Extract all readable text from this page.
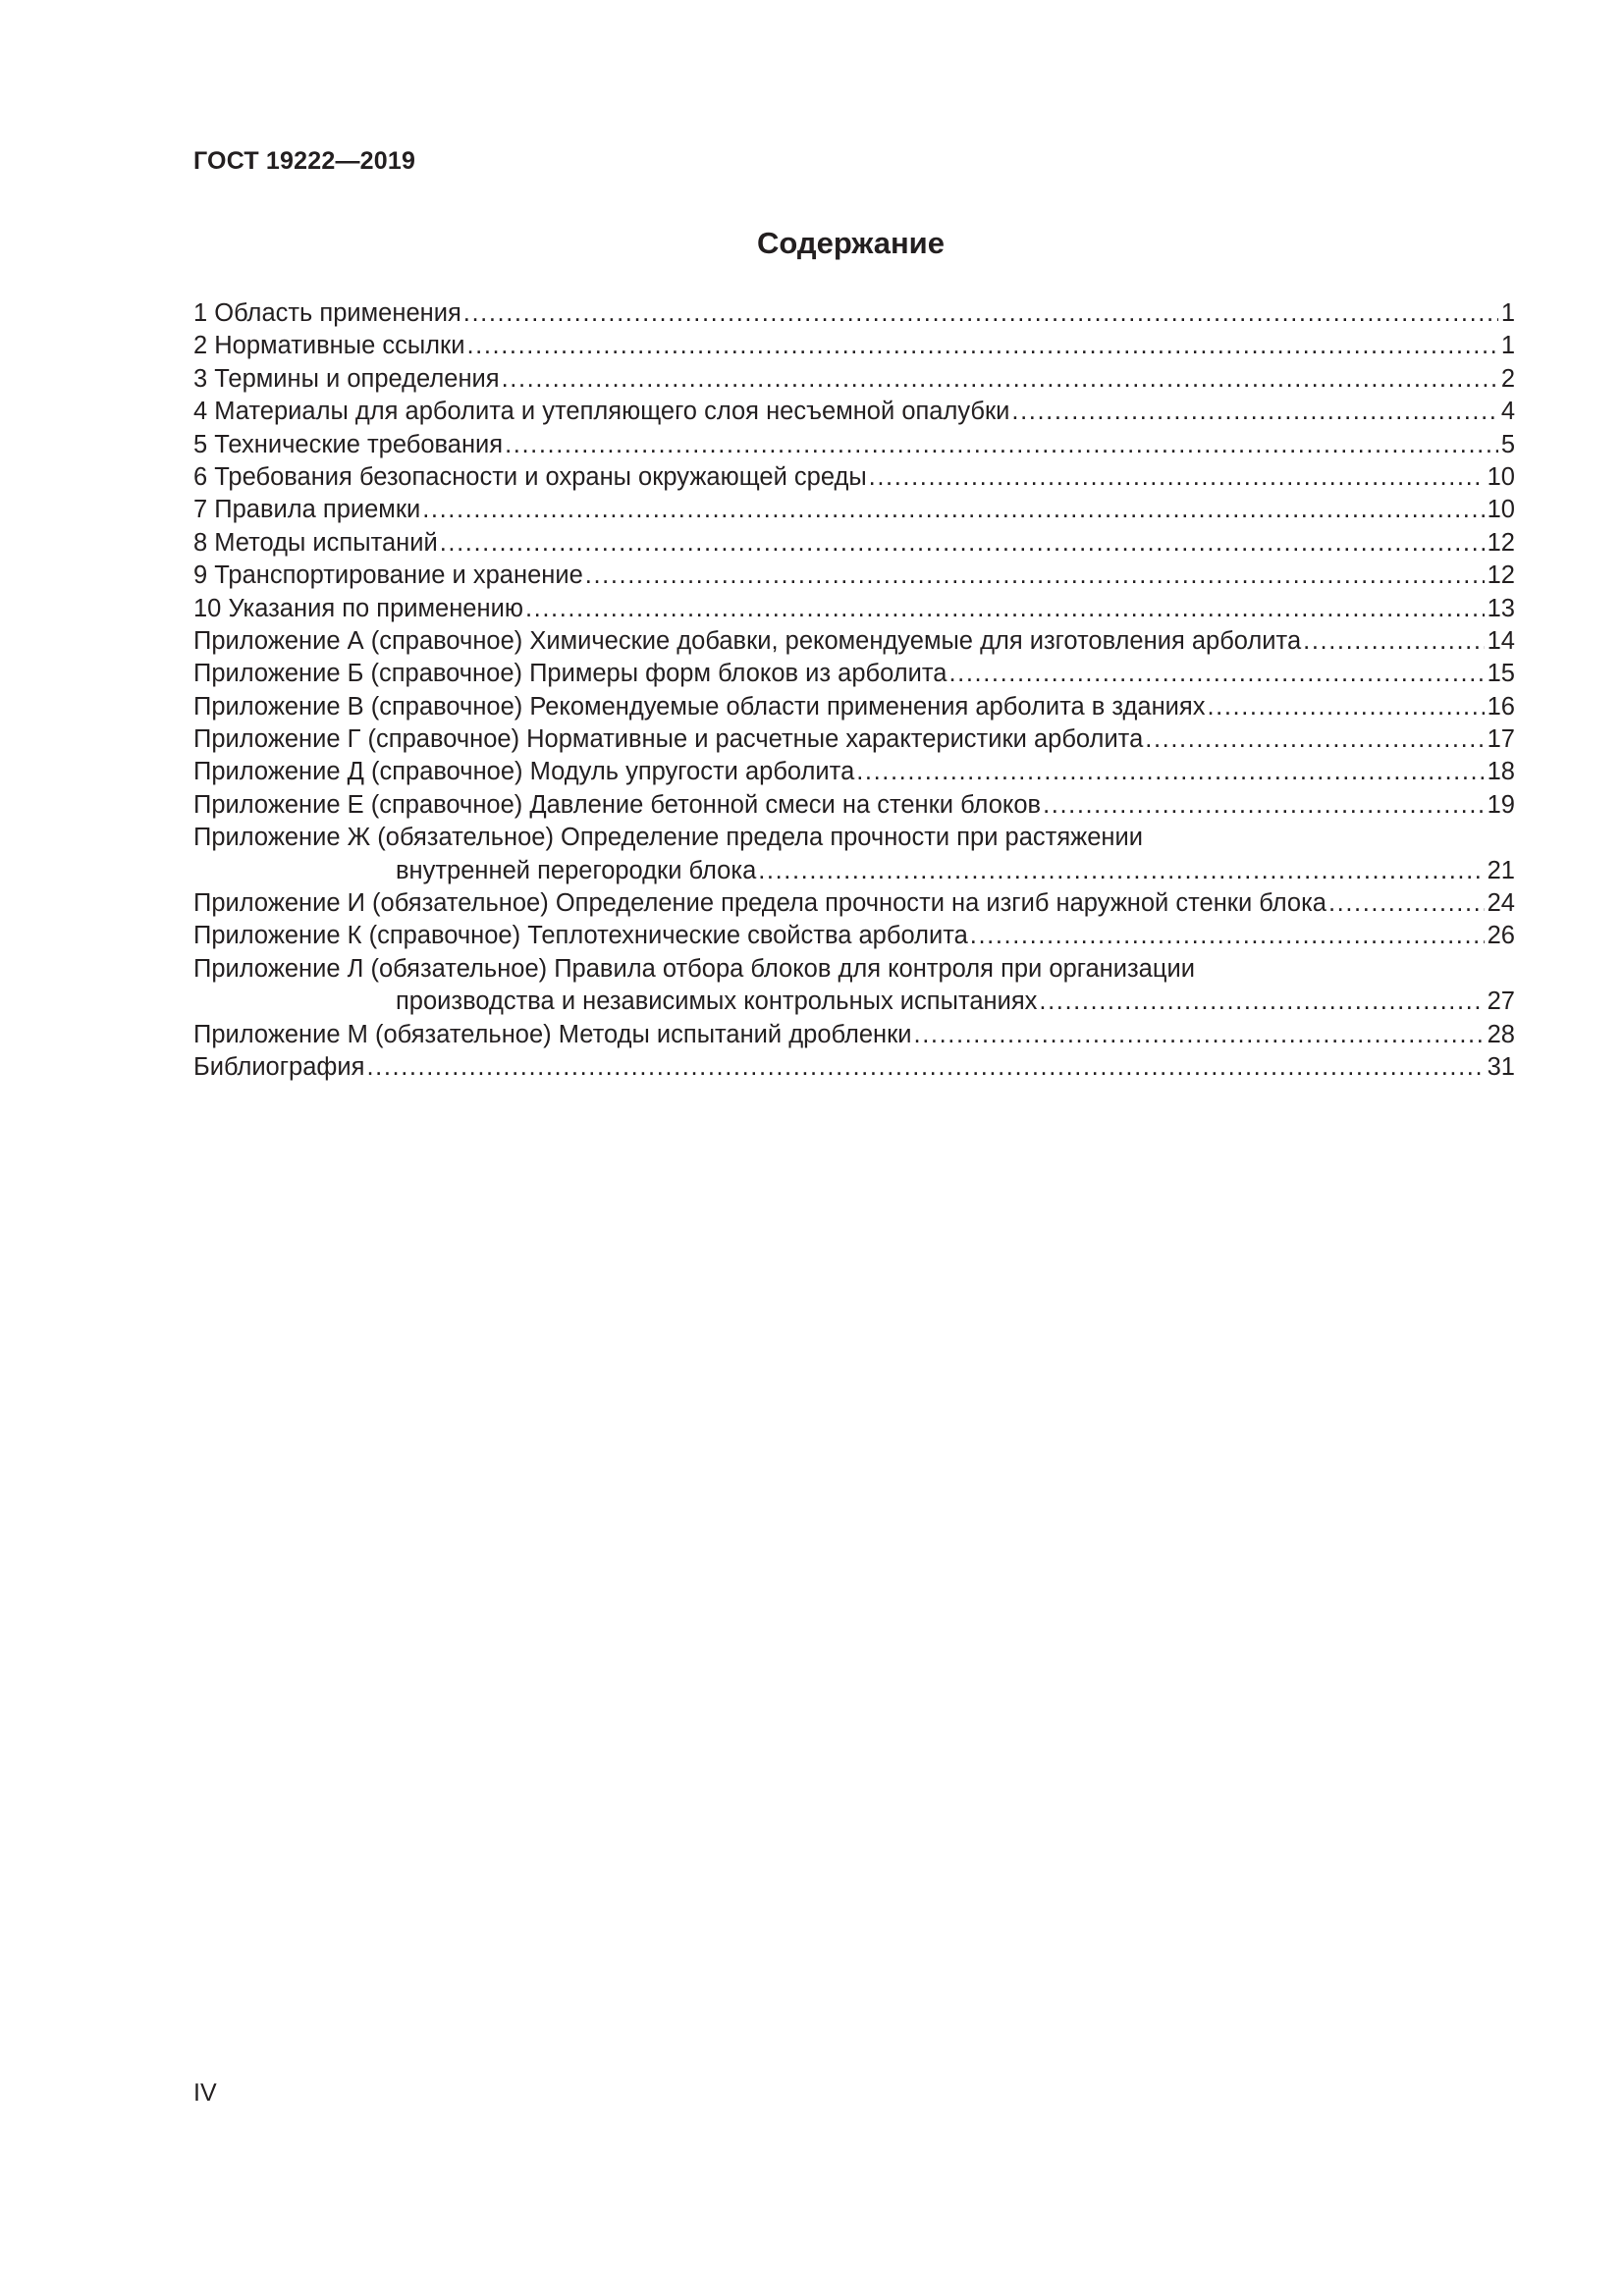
ГОСТ 19222—2019
Содержание
1 Область применения .....	1
2 Нормативные ссылки .....	1
3 Термины и определения .....	2
4 Материалы для арболита и утепляющего слоя несъемной опалубки .....	4
5 Технические требования .....	5
6 Требования безопасности и охраны окружающей среды .....	10
7 Правила приемки .....	10
8 Методы испытаний .....	12
9 Транспортирование и хранение .....	12
10 Указания по применению .....	13
Приложение А (справочное) Химические добавки, рекомендуемые для изготовления арболита .....	14
Приложение Б (справочное) Примеры форм блоков из арболита .....	15
Приложение В (справочное) Рекомендуемые области применения арболита в зданиях .....	16
Приложение Г (справочное) Нормативные и расчетные характеристики арболита .....	17
Приложение Д (справочное) Модуль упругости арболита .....	18
Приложение Е (справочное) Давление бетонной смеси на стенки блоков .....	19
Приложение Ж (обязательное) Определение предела прочности при растяжении
внутренней перегородки блока .....	21
Приложение И (обязательное) Определение предела прочности на изгиб наружной стенки блока .....	24
Приложение К (справочное) Теплотехнические свойства арболита .....	26
Приложение Л (обязательное) Правила отбора блоков для контроля при организации
производства и независимых контрольных испытаниях .....	27
Приложение М (обязательное) Методы испытаний дробленки .....	28
Библиография .....	31
IV
